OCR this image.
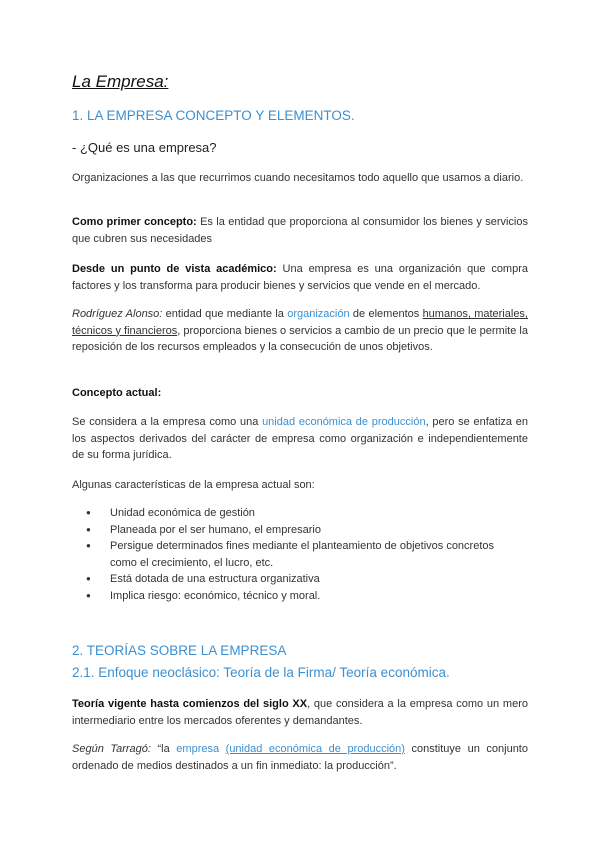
La Empresa:
1. LA EMPRESA CONCEPTO Y ELEMENTOS.
- ¿Qué es una empresa?

Organizaciones a las que recurrimos cuando necesitamos todo aquello que usamos a diario.

Como primer concepto: Es la entidad que proporciona al consumidor los bienes y servicios que cubren sus necesidades

Desde un punto de vista académico: Una empresa es una organización que compra factores y los transforma para producir bienes y servicios que vende en el mercado.

Rodríguez Alonso: entidad que mediante la organización de elementos humanos, materiales, técnicos y financieros, proporciona bienes o servicios a cambio de un precio que le permite la reposición de los recursos empleados y la consecución de unos objetivos.

Concepto actual:

Se considera a la empresa como una unidad económica de producción, pero se enfatiza en los aspectos derivados del carácter de empresa como organización e independientemente de su forma jurídica.

Algunas características de la empresa actual son:

● Unidad económica de gestión
● Planeada por el ser humano, el empresario
● Persigue determinados fines mediante el planteamiento de objetivos concretos como el crecimiento, el lucro, etc.
● Está dotada de una estructura organizativa
● Implica riesgo: económico, técnico y moral.
2. TEORÍAS SOBRE LA EMPRESA
2.1. Enfoque neoclásico: Teoría de la Firma/ Teoría económica.

Teoría vigente hasta comienzos del siglo XX, que considera a la empresa como un mero intermediario entre los mercados oferentes y demandantes.

Según Tarragó: “la empresa (unidad económica de producción) constituye un conjunto ordenado de medios destinados a un fin inmediato: la producción”.
